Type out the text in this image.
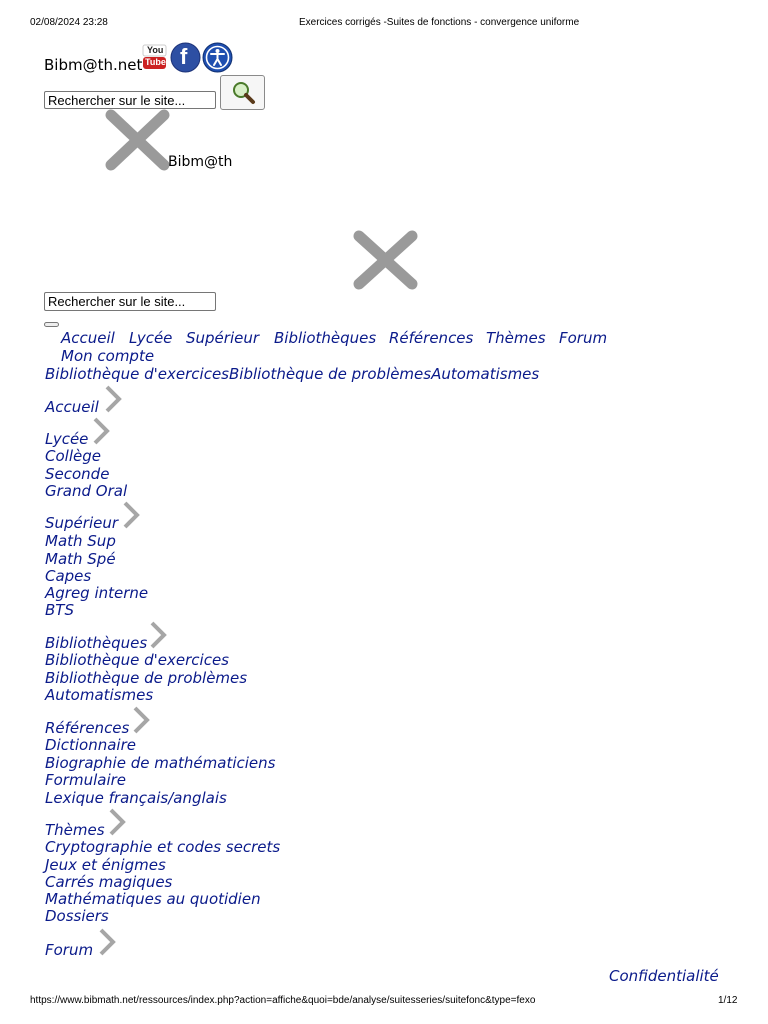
02/08/2024 23:28	Exercices corrigés -Suites de fonctions - convergence uniforme
Bibm@th.net
You
Tube f
Rechercher sur le site...
Bibm@th
Rechercher sur le site...
Accueil Lycée Supérieur Bibliothèques Références Thèmes Forum
Mon compte
Bibliothèque d'exercicesBibliothèque de problèmesAutomatismes
Accueil
Lycée
Collège
Seconde
Grand Oral
Supérieur
Math Sup
Math Spé
Capes
Agreg interne
BTS
Bibliothèques
Bibliothèque d'exercices
Bibliothèque de problèmes
Automatismes
Références
Dictionnaire
Biographie de mathématiciens
Formulaire
Lexique français/anglais
Thèmes
Cryptographie et codes secrets
Jeux et énigmes
Carrés magiques
Mathématiques au quotidien
Dossiers
Forum
Confidentialité
https://www.bibmath.net/ressources/index.php?action=affiche&quoi=bde/analyse/suitesseries/suitefonc&type=fexo	1/12
